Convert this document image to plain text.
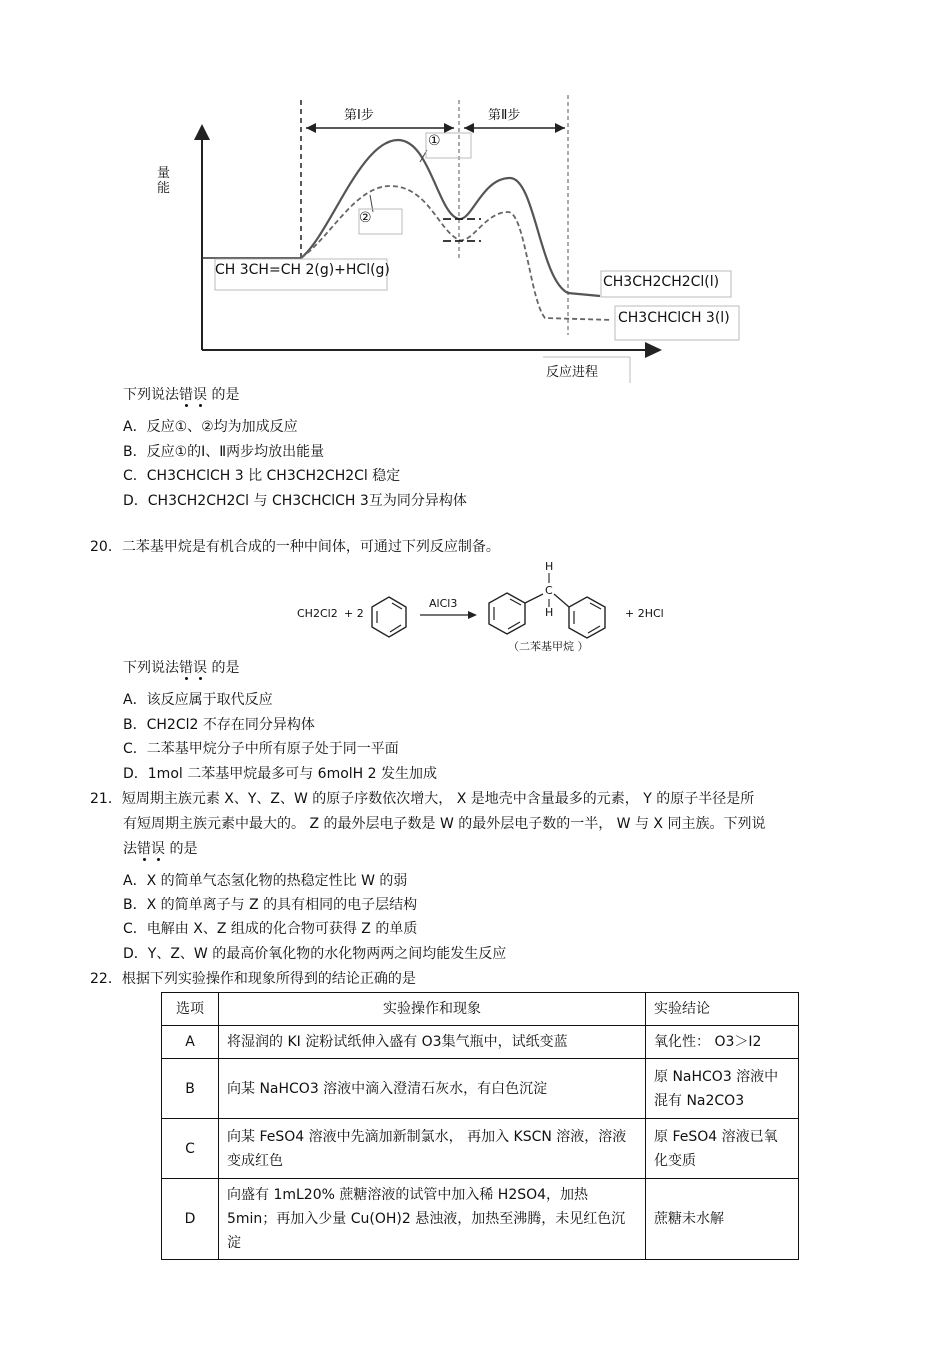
第Ⅰ步	第Ⅱ步
量能
①
②
CH 3CH=CH 2(g)+HCl(g)
CH3CH2CH2Cl(l)
CH3CHClCH 3(l)
反应进程
下列说法错误 的是
A．反应①、②均为加成反应
B．反应①的Ⅰ、Ⅱ两步均放出能量
C．CH3CHClCH 3 比 CH3CH2CH2Cl 稳定
D．CH3CH2CH2Cl 与 CH3CHClCH 3互为同分异构体
20．二苯基甲烷是有机合成的一种中间体，可通过下列反应制备。
CH2Cl2 + 2
AlCl3
H
C
H	+ 2HCl
（二苯基甲烷 ）
下列说法错误 的是
A．该反应属于取代反应
B．CH2Cl2 不存在同分异构体
C．二苯基甲烷分子中所有原子处于同一平面
D．1mol 二苯基甲烷最多可与 6molH 2 发生加成
21．短周期主族元素 X、Y、Z、W 的原子序数依次增大， X 是地壳中含量最多的元素， Y 的原子半径是所
有短周期主族元素中最大的。 Z 的最外层电子数是 W 的最外层电子数的一半， W 与 X 同主族。下列说
法错误 的是
A．X 的简单气态氢化物的热稳定性比 W 的弱
B．X 的简单离子与 Z 的具有相同的电子层结构
C．电解由 X、Z 组成的化合物可获得 Z 的单质
D．Y、Z、W 的最高价氧化物的水化物两两之间均能发生反应
22．根据下列实验操作和现象所得到的结论正确的是
选项	实验操作和现象	实验结论
A	将湿润的 KI 淀粉试纸伸入盛有 O3集气瓶中，试纸变蓝	氧化性： O3＞I2
B	向某 NaHCO3 溶液中滴入澄清石灰水，有白色沉淀	原 NaHCO3 溶液中混有 Na2CO3
C	向某 FeSO4 溶液中先滴加新制氯水， 再加入 KSCN 溶液，溶液变成红色	原 FeSO4 溶液已氧化变质
D	向盛有 1mL20% 蔗糖溶液的试管中加入稀 H2SO4，加热5min；再加入少量 Cu(OH)2 悬浊液，加热至沸腾，未见红色沉淀	蔗糖未水解
